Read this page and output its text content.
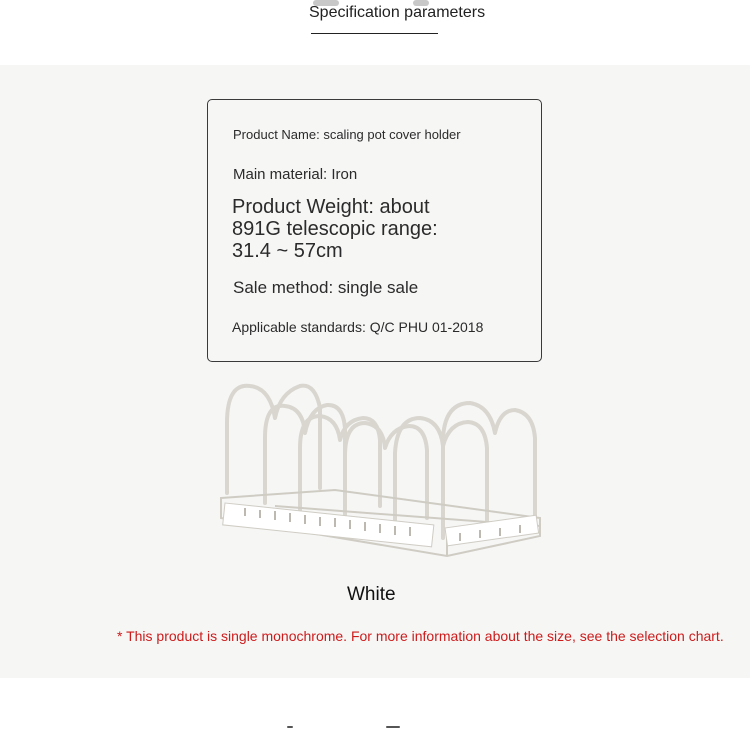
Specification parameters
Product Name: scaling pot cover holder
Main material: Iron
Product Weight: about 891G telescopic range: 31.4 ~ 57cm
Sale method: single sale
Applicable standards: Q/C PHU 01-2018
White
* This product is single monochrome. For more information about the size, see the selection chart.
